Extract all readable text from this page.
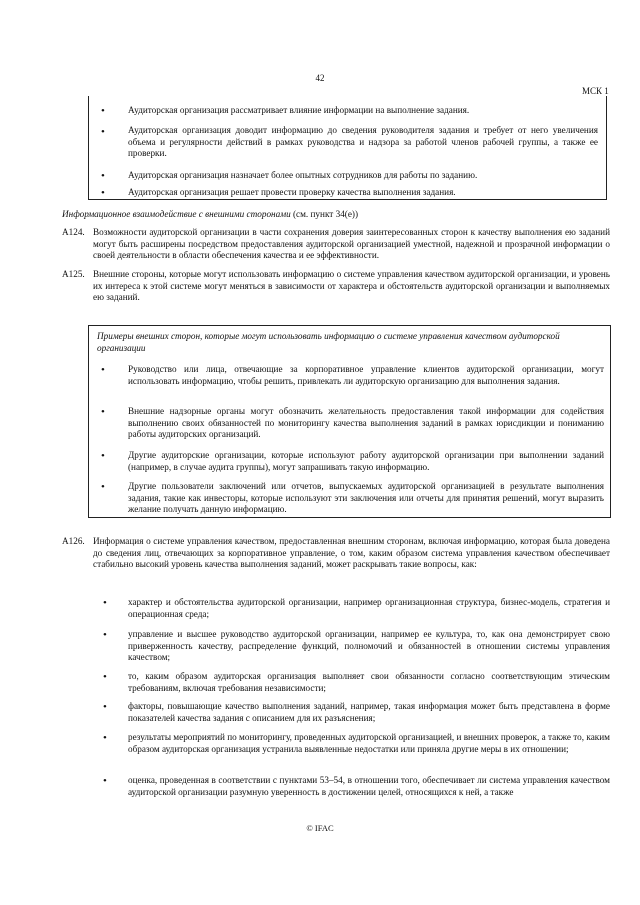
42
МСК 1
•	Аудиторская организация рассматривает влияние информации на выполнение задания.
•	Аудиторская организация доводит информацию до сведения руководителя задания и требует от него увеличения объема и регулярности действий в рамках руководства и надзора за работой членов рабочей группы, а также ее проверки.
•	Аудиторская организация назначает более опытных сотрудников для работы по заданию.
•	Аудиторская организация решает провести проверку качества выполнения задания.
Информационное взаимодействие с внешними сторонами (см. пункт 34(e))
A124. Возможности аудиторской организации в части сохранения доверия заинтересованных сторон к качеству выполнения ею заданий могут быть расширены посредством предоставления аудиторской организацией уместной, надежной и прозрачной информации о своей деятельности в области обеспечения качества и ее эффективности.
A125. Внешние стороны, которые могут использовать информацию о системе управления качеством аудиторской организации, и уровень их интереса к этой системе могут меняться в зависимости от характера и обстоятельств аудиторской организации и выполняемых ею заданий.
Примеры внешних сторон, которые могут использовать информацию о системе управления качеством аудиторской организации
•	Руководство или лица, отвечающие за корпоративное управление клиентов аудиторской организации, могут использовать информацию, чтобы решить, привлекать ли аудиторскую организацию для выполнения задания.
•	Внешние надзорные органы могут обозначить желательность предоставления такой информации для содействия выполнению своих обязанностей по мониторингу качества выполнения заданий в рамках юрисдикции и пониманию работы аудиторских организаций.
•	Другие аудиторские организации, которые используют работу аудиторской организации при выполнении заданий (например, в случае аудита группы), могут запрашивать такую информацию.
•	Другие пользователи заключений или отчетов, выпускаемых аудиторской организацией в результате выполнения задания, такие как инвесторы, которые используют эти заключения или отчеты для принятия решений, могут выразить желание получать данную информацию.
A126. Информация о системе управления качеством, предоставленная внешним сторонам, включая информацию, которая была доведена до сведения лиц, отвечающих за корпоративное управление, о том, каким образом система управления качеством обеспечивает стабильно высокий уровень качества выполнения заданий, может раскрывать такие вопросы, как:
• характер и обстоятельства аудиторской организации, например организационная структура, бизнес-модель, стратегия и операционная среда;
• управление и высшее руководство аудиторской организации, например ее культура, то, как она демонстрирует свою приверженность качеству, распределение функций, полномочий и обязанностей в отношении системы управления качеством;
• то, каким образом аудиторская организация выполняет свои обязанности согласно соответствующим этическим требованиям, включая требования независимости;
• факторы, повышающие качество выполнения заданий, например, такая информация может быть представлена в форме показателей качества задания с описанием для их разъяснения;
• результаты мероприятий по мониторингу, проведенных аудиторской организацией, и внешних проверок, а также то, каким образом аудиторская организация устранила выявленные недостатки или приняла другие меры в их отношении;
• оценка, проведенная в соответствии с пунктами 53–54, в отношении того, обеспечивает ли система управления качеством аудиторской организации разумную уверенность в достижении целей, относящихся к ней, а также
© IFAC
